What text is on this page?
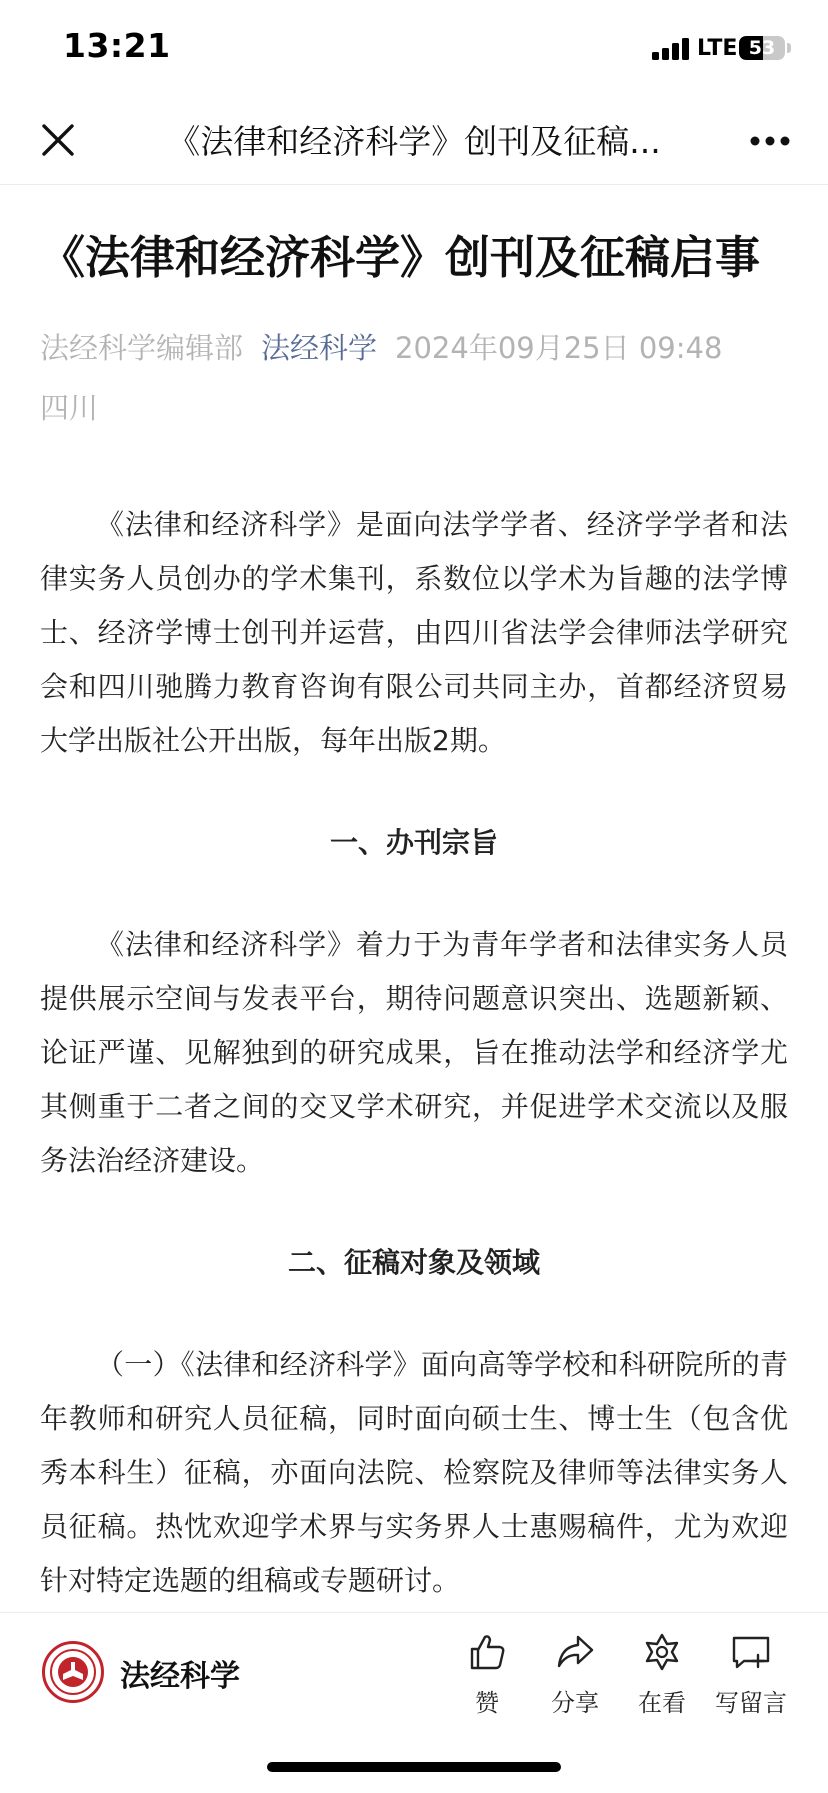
13:21	LTE 53
《法律和经济科学》创刊及征稿...
《法律和经济科学》创刊及征稿启事
法经科学编辑部 法经科学 2024年09月25日 09:48
四川

《法律和经济科学》是面向法学学者、经济学学者和法律实务人员创办的学术集刊，系数位以学术为旨趣的法学博士、经济学博士创刊并运营，由四川省法学会律师法学研究会和四川驰腾力教育咨询有限公司共同主办，首都经济贸易大学出版社公开出版，每年出版2期。

一、办刊宗旨

《法律和经济科学》着力于为青年学者和法律实务人员提供展示空间与发表平台，期待问题意识突出、选题新颖、论证严谨、见解独到的研究成果，旨在推动法学和经济学尤其侧重于二者之间的交叉学术研究，并促进学术交流以及服务法治经济建设。

二、征稿对象及领域

（一）《法律和经济科学》面向高等学校和科研院所的青年教师和研究人员征稿，同时面向硕士生、博士生（包含优秀本科生）征稿，亦面向法院、检察院及律师等法律实务人员征稿。热忱欢迎学术界与实务界人士惠赐稿件，尤为欢迎针对特定选题的组稿或专题研讨。

法经科学
赞	分享	在看	写留言
